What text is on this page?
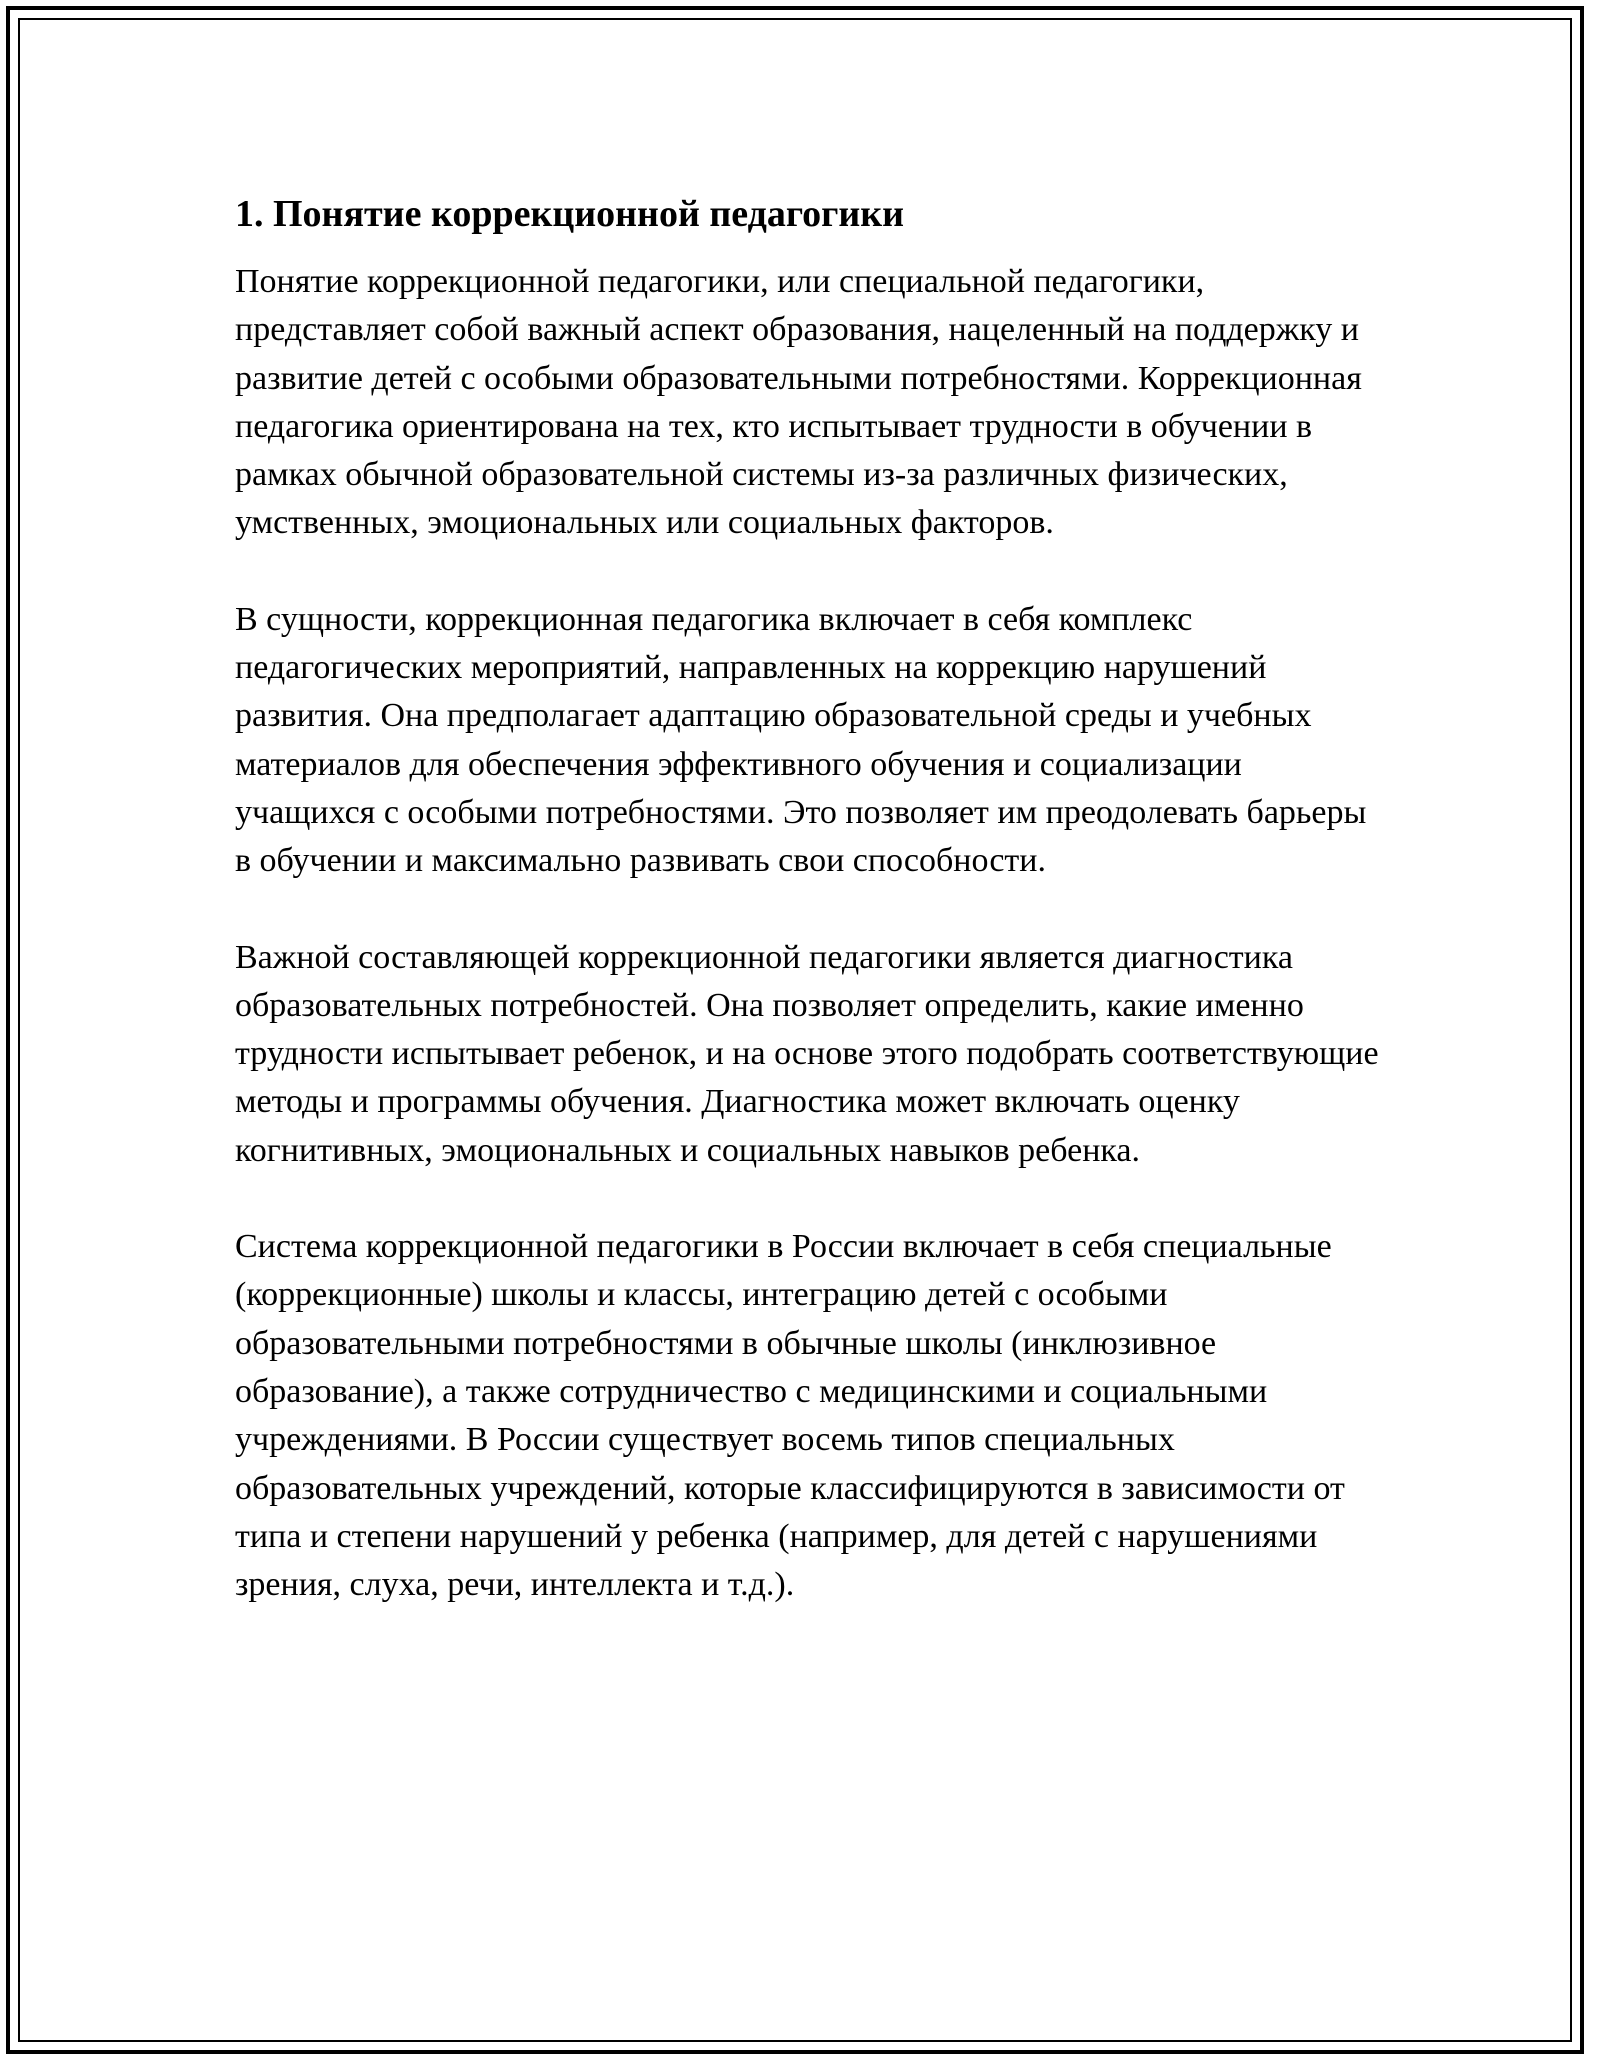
1. Понятие коррекционной педагогики

Понятие коррекционной педагогики, или специальной педагогики, представляет собой важный аспект образования, нацеленный на поддержку и развитие детей с особыми образовательными потребностями. Коррекционная педагогика ориентирована на тех, кто испытывает трудности в обучении в рамках обычной образовательной системы из-за различных физических, умственных, эмоциональных или социальных факторов.

В сущности, коррекционная педагогика включает в себя комплекс педагогических мероприятий, направленных на коррекцию нарушений развития. Она предполагает адаптацию образовательной среды и учебных материалов для обеспечения эффективного обучения и социализации учащихся с особыми потребностями. Это позволяет им преодолевать барьеры в обучении и максимально развивать свои способности.

Важной составляющей коррекционной педагогики является диагностика образовательных потребностей. Она позволяет определить, какие именно трудности испытывает ребенок, и на основе этого подобрать соответствующие методы и программы обучения. Диагностика может включать оценку когнитивных, эмоциональных и социальных навыков ребенка.

Система коррекционной педагогики в России включает в себя специальные (коррекционные) школы и классы, интеграцию детей с особыми образовательными потребностями в обычные школы (инклюзивное образование), а также сотрудничество с медицинскими и социальными учреждениями. В России существует восемь типов специальных образовательных учреждений, которые классифицируются в зависимости от типа и степени нарушений у ребенка (например, для детей с нарушениями зрения, слуха, речи, интеллекта и т.д.).
